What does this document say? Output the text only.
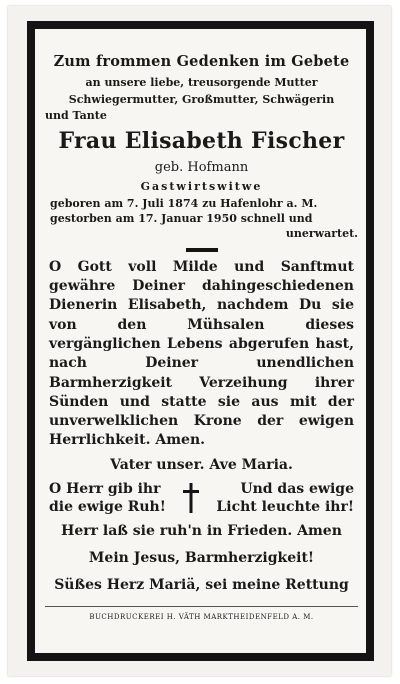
Zum frommen Gedenken im Gebete

an unsere liebe, treusorgende Mutter

Schwiegermutter, Großmutter, Schwägerin

und Tante

Frau Elisabeth Fischer

geb. Hofmann

Gastwirtswitwe

geboren am 7. Juli 1874 zu Hafenlohr a. M.
gestorben am 17. Januar 1950 schnell und
unerwartet.

O Gott voll Milde und Sanftmut gewähre Deiner dahingeschiedenen Dienerin Elisabeth, nachdem Du sie von den Mühsalen dieses vergänglichen Lebens abgerufen hast, nach Deiner unendlichen Barmherzigkeit Verzeihung ihrer Sünden und statte sie aus mit der unverwelklichen Krone der ewigen Herrlichkeit. Amen.

Vater unser. Ave Maria.

O Herr gib ihr
die ewige Ruh!
Und das ewige
Licht leuchte ihr!

Herr laß sie ruh'n in Frieden. Amen

Mein Jesus, Barmherzigkeit!

Süßes Herz Mariä, sei meine Rettung

BUCHDRUCKEREI H. VÄTH MARKTHEIDENFELD A. M.
